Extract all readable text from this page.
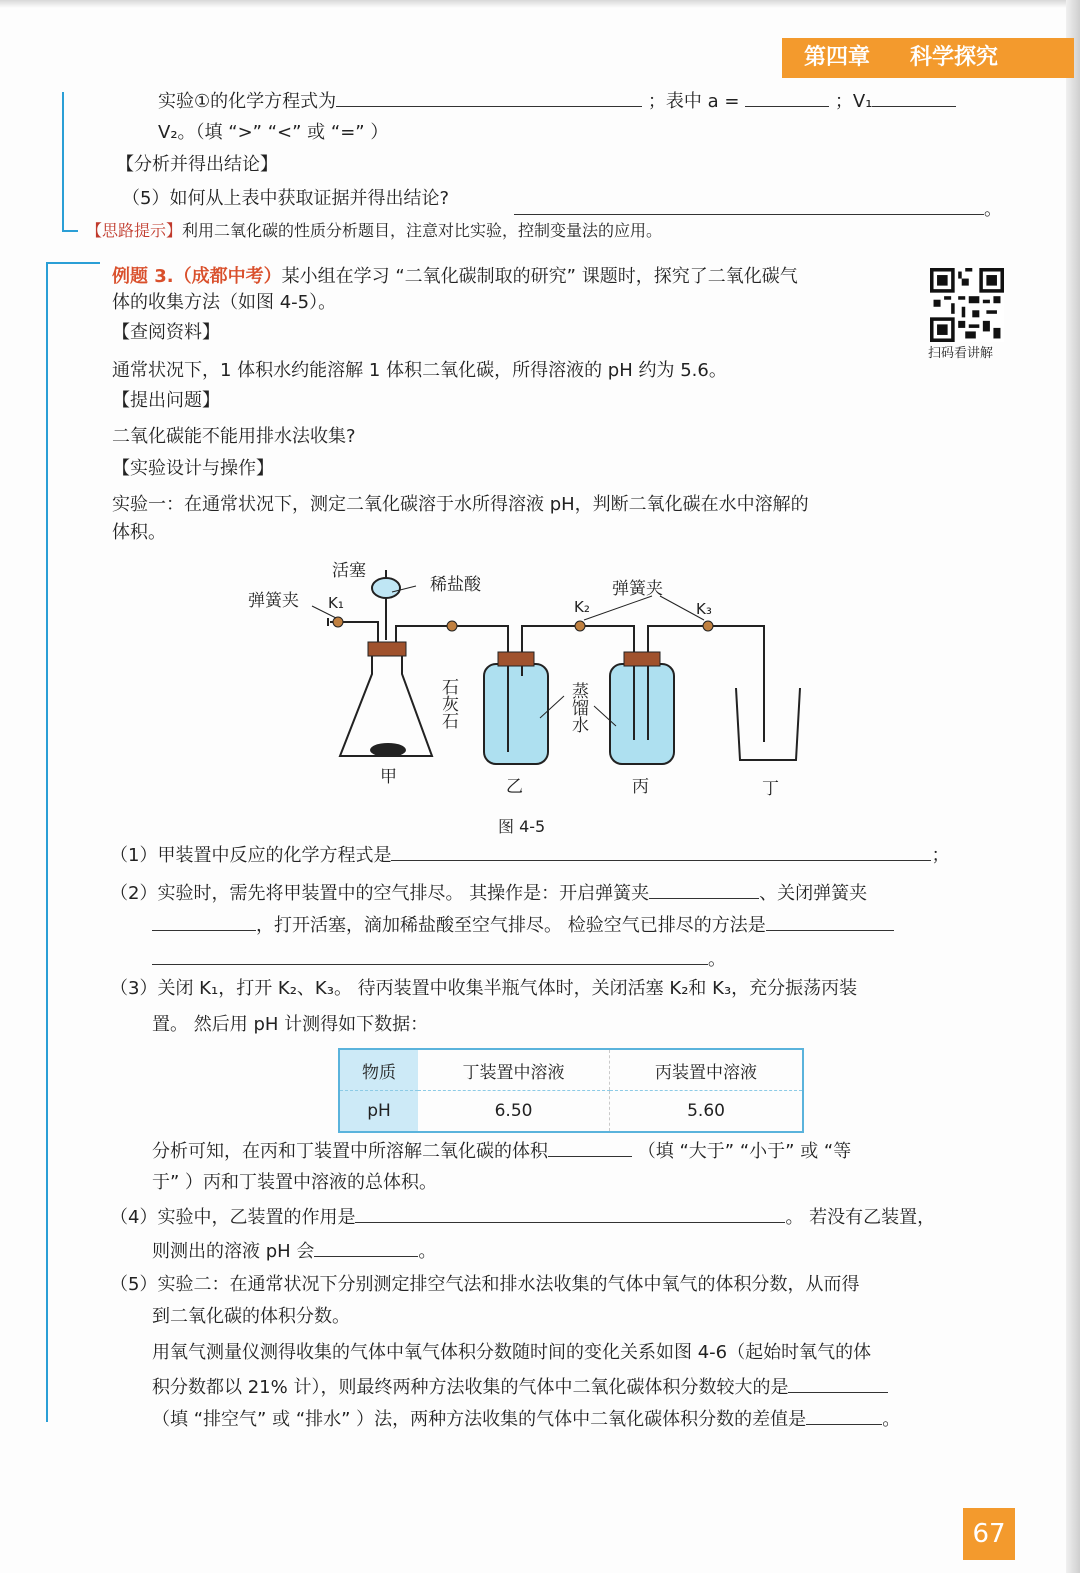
第四章 科学探究
实验①的化学方程式为	；表中 a =	；V₁
V₂。（填 “>” “<” 或 “=” ）
【分析并得出结论】
（5）如何从上表中获取证据并得出结论?
。
【思路提示】利用二氧化碳的性质分析题目，注意对比实验，控制变量法的应用。
例题 3.（成都中考）某小组在学习 “二氧化碳制取的研究” 课题时，探究了二氧化碳气
体的收集方法（如图 4-5）。
扫码看讲解
【查阅资料】
通常状况下，1 体积水约能溶解 1 体积二氧化碳，所得溶液的 pH 约为 5.6。
【提出问题】
二氧化碳能不能用排水法收集?
【实验设计与操作】
实验一：在通常状况下，测定二氧化碳溶于水所得溶液 pH，判断二氧化碳在水中溶解的
体积。
活塞
稀盐酸
弹簧夹
弹簧夹
K₁	K₂	K₃
甲	乙	丙	丁
石灰石	蒸馏水
图 4-5
（1）甲装置中反应的化学方程式是	；
（2）实验时，需先将甲装置中的空气排尽。 其操作是：开启弹簧夹	、关闭弹簧夹
，打开活塞，滴加稀盐酸至空气排尽。 检验空气已排尽的方法是
。
（3）关闭 K₁，打开 K₂、K₃。 待丙装置中收集半瓶气体时，关闭活塞 K₂和 K₃，充分振荡丙装
置。 然后用 pH 计测得如下数据：
物质	丁装置中溶液	丙装置中溶液
pH	6.50	5.60
分析可知，在丙和丁装置中所溶解二氧化碳的体积	（填 “大于” “小于” 或 “等
于” ）丙和丁装置中溶液的总体积。
（4）实验中，乙装置的作用是	。 若没有乙装置，
则测出的溶液 pH 会	。
（5）实验二：在通常状况下分别测定排空气法和排水法收集的气体中氧气的体积分数，从而得
到二氧化碳的体积分数。
用氧气测量仪测得收集的气体中氧气体积分数随时间的变化关系如图 4-6（起始时氧气的体
积分数都以 21% 计），则最终两种方法收集的气体中二氧化碳体积分数较大的是
（填 “排空气” 或 “排水” ）法，两种方法收集的气体中二氧化碳体积分数的差值是	。
67
